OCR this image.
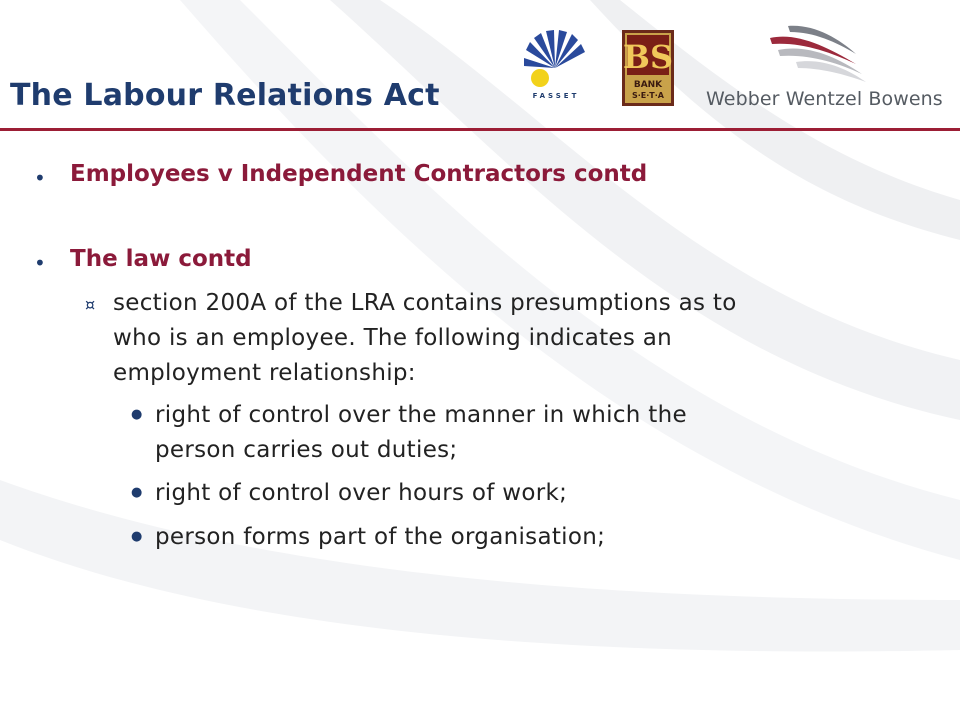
The Labour Relations Act	FASSET
BS
BANK
S·E·T·A Webber Wentzel Bowens
• Employees v Independent Contractors contd
• The law contd
¤ section 200A of the LRA contains presumptions as to
who is an employee. The following indicates an
employment relationship:
● right of control over the manner in which the
person carries out duties;
● right of control over hours of work;
● person forms part of the organisation;
